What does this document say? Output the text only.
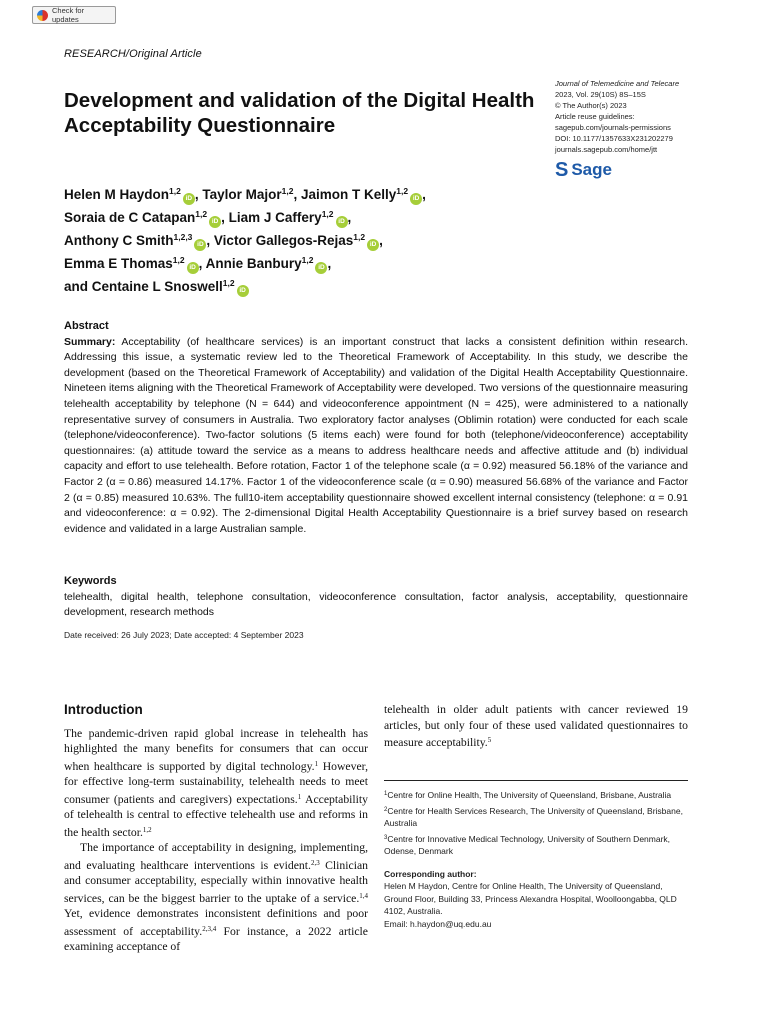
Check for updates
RESEARCH/Original Article
Development and validation of the Digital Health Acceptability Questionnaire
Journal of Telemedicine and Telecare
2023, Vol. 29(10S) 8S–15S
© The Author(s) 2023
Article reuse guidelines:
sagepub.com/journals-permissions
DOI: 10.1177/1357633X231202279
journals.sagepub.com/home/jtt
S Sage
Helen M Haydon$^{1,2}$iD , Taylor Major$^{1,2}$, Jaimon T Kelly$^{1,2}$iD ,
Soraia de C Catapan$^{1,2}$iD , Liam J Caffery$^{1,2}$iD ,
Anthony C Smith$^{1,2,3}$iD , Victor Gallegos-Rejas$^{1,2}$iD ,
Emma E Thomas$^{1,2}$iD , Annie Banbury$^{1,2}$iD ,
and Centaine L Snoswell$^{1,2}$iD
Abstract

Summary: Acceptability (of healthcare services) is an important construct that lacks a consistent definition within research. Addressing this issue, a systematic review led to the Theoretical Framework of Acceptability. In this study, we describe the development (based on the Theoretical Framework of Acceptability) and validation of the Digital Health Acceptability Questionnaire. Nineteen items aligning with the Theoretical Framework of Acceptability were developed. Two versions of the questionnaire measuring telehealth acceptability by telephone (N = 644) and videoconference appointment (N = 425), were administered to a nationally representative survey of consumers in Australia. Two exploratory factor analyses (Oblimin rotation) were conducted for each scale (telephone/videoconference). Two-factor solutions (5 items each) were found for both (telephone/videoconference) acceptability questionnaires: (a) attitude toward the service as a means to address healthcare needs and affective attitude and (b) individual capacity and effort to use telehealth. Before rotation, Factor 1 of the telephone scale (α = 0.92) measured 56.18% of the variance and Factor 2 (α = 0.86) measured 14.17%. Factor 1 of the videoconference scale (α = 0.90) measured 56.68% of the variance and Factor 2 (α = 0.85) measured 10.63%. The full10-item acceptability questionnaire showed excellent internal consistency (telephone: α = 0.91 and videoconference: α = 0.92). The 2-dimensional Digital Health Acceptability Questionnaire is a brief survey based on research evidence and validated in a large Australian sample.

Keywords

telehealth, digital health, telephone consultation, videoconference consultation, factor analysis, acceptability, questionnaire development, research methods

Date received: 26 July 2023; Date accepted: 4 September 2023
Introduction

The pandemic-driven rapid global increase in telehealth has highlighted the many benefits for consumers that can occur when healthcare is supported by digital technology.$^1$ However, for effective long-term sustainability, telehealth needs to meet consumer (patients and caregivers) expectations.$^1$ Acceptability of telehealth is central to effective telehealth use and reforms in the health sector.$^{1,2}$

The importance of acceptability in designing, implementing, and evaluating healthcare interventions is evident.$^{2,3}$ Clinician and consumer acceptability, especially within innovative health services, can be the biggest barrier to the uptake of a service.$^{1,4}$ Yet, evidence demonstrates inconsistent definitions and poor assessment of acceptability.$^{2,3,4}$ For instance, a 2022 article examining acceptance of

telehealth in older adult patients with cancer reviewed 19 articles, but only four of these used validated questionnaires to measure acceptability.$^5$

$^1$Centre for Online Health, The University of Queensland, Brisbane, Australia
$^2$Centre for Health Services Research, The University of Queensland, Brisbane, Australia
$^3$Centre for Innovative Medical Technology, University of Southern Denmark, Odense, Denmark
Corresponding author:
Helen M Haydon, Centre for Online Health, The University of Queensland, Ground Floor, Building 33, Princess Alexandra Hospital, Woolloongabba, QLD 4102, Australia.
Email: h.haydon@uq.edu.au
